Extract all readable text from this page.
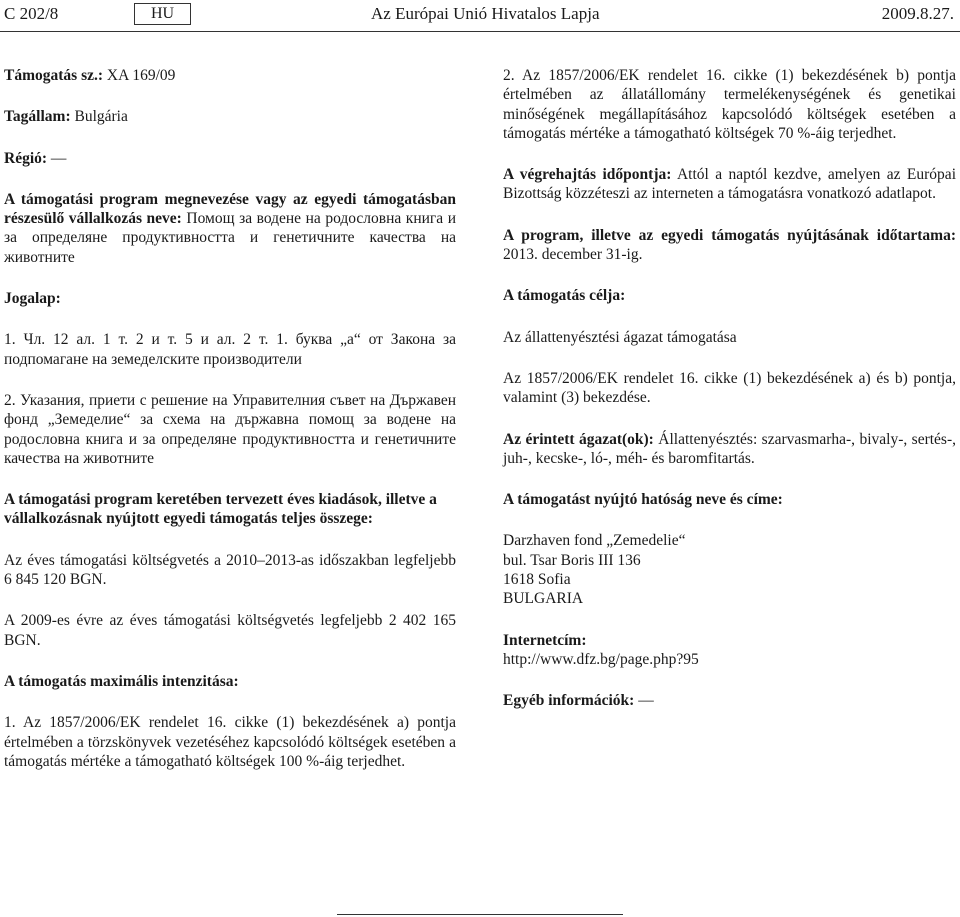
C 202/8	HU	Az Európai Unió Hivatalos Lapja	2009.8.27.

Támogatás sz.: XA 169/09

Tagállam: Bulgária

Régió: —

A támogatási program megnevezése vagy az egyedi támogatásban részesülő vállalkozás neve: Помощ за водене на родословна книга и за определяне продуктивността и генетичните качества на животните

Jogalap:

1. Чл. 12 ал. 1 т. 2 и т. 5 и ал. 2 т. 1. буква „а“ от Закона за подпомагане на земеделските производители

2. Указания, приети с решение на Управителния съвет на Държавен фонд „Земеделие“ за схема на държавна помощ за водене на родословна книга и за определяне продуктивността и генетичните качества на животните

A támogatási program keretében tervezett éves kiadások, illetve a vállalkozásnak nyújtott egyedi támogatás teljes összege:

Az éves támogatási költségvetés a 2010–2013-as időszakban legfeljebb 6 845 120 BGN.

A 2009-es évre az éves támogatási költségvetés legfeljebb 2 402 165 BGN.

A támogatás maximális intenzitása:

1. Az 1857/2006/EK rendelet 16. cikke (1) bekezdésének a) pontja értelmében a törzskönyvek vezetéséhez kapcsolódó költségek esetében a támogatás mértéke a támogatható költségek 100 %-áig terjedhet.

2. Az 1857/2006/EK rendelet 16. cikke (1) bekezdésének b) pontja értelmében az állatállomány termelékenységének és genetikai minőségének megállapításához kapcsolódó költségek esetében a támogatás mértéke a támogatható költségek 70 %-áig terjedhet.

A végrehajtás időpontja: Attól a naptól kezdve, amelyen az Európai Bizottság közzéteszi az interneten a támogatásra vonatkozó adatlapot.

A program, illetve az egyedi támogatás nyújtásának időtartama: 2013. december 31-ig.

A támogatás célja:

Az állattenyésztési ágazat támogatása

Az 1857/2006/EK rendelet 16. cikke (1) bekezdésének a) és b) pontja, valamint (3) bekezdése.

Az érintett ágazat(ok): Állattenyésztés: szarvasmarha-, bivaly-, sertés-, juh-, kecske-, ló-, méh- és baromfitartás.

A támogatást nyújtó hatóság neve és címe:

Darzhaven fond „Zemedelie“

bul. Tsar Boris III 136

1618 Sofia

BULGARIA

Internetcím:

http://www.dfz.bg/page.php?95

Egyéb információk: —
